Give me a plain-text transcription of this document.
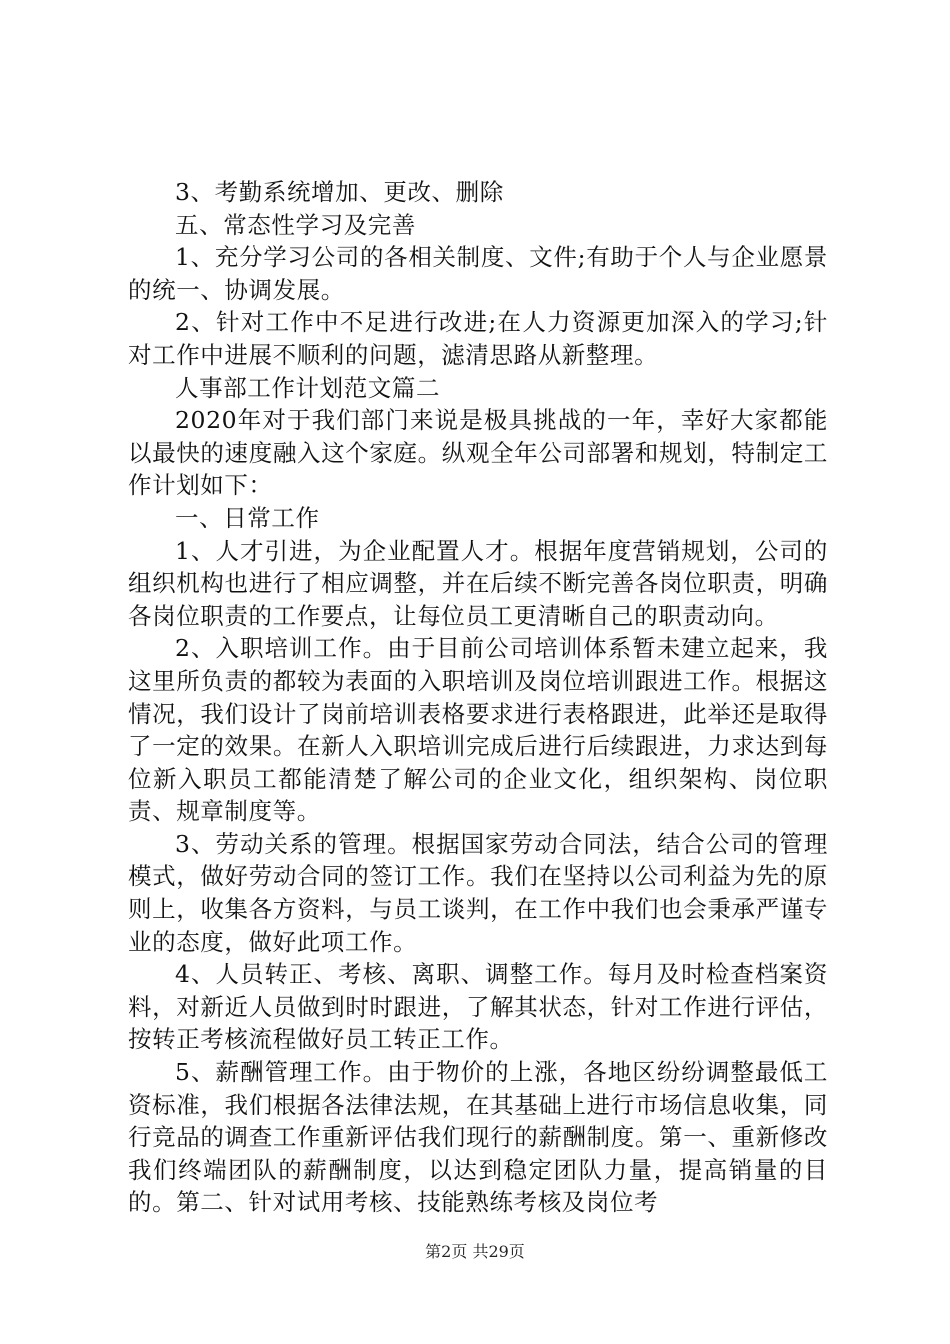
3、考勤系统增加、更改、删除

五、常态性学习及完善

1、充分学习公司的各相关制度、文件;有助于个人与企业愿景的统一、协调发展。

2、针对工作中不足进行改进;在人力资源更加深入的学习;针对工作中进展不顺利的问题，滤清思路从新整理。

人事部工作计划范文篇二

2020年对于我们部门来说是极具挑战的一年，幸好大家都能以最快的速度融入这个家庭。纵观全年公司部署和规划，特制定工作计划如下：

一、日常工作

1、人才引进，为企业配置人才。根据年度营销规划，公司的组织机构也进行了相应调整，并在后续不断完善各岗位职责，明确各岗位职责的工作要点，让每位员工更清晰自己的职责动向。

2、入职培训工作。由于目前公司培训体系暂未建立起来，我这里所负责的都较为表面的入职培训及岗位培训跟进工作。根据这情况，我们设计了岗前培训表格要求进行表格跟进，此举还是取得了一定的效果。在新人入职培训完成后进行后续跟进，力求达到每位新入职员工都能清楚了解公司的企业文化，组织架构、岗位职责、规章制度等。

3、劳动关系的管理。根据国家劳动合同法，结合公司的管理模式，做好劳动合同的签订工作。我们在坚持以公司利益为先的原则上，收集各方资料，与员工谈判，在工作中我们也会秉承严谨专业的态度，做好此项工作。

4、人员转正、考核、离职、调整工作。每月及时检查档案资料，对新近人员做到时时跟进，了解其状态，针对工作进行评估，按转正考核流程做好员工转正工作。

5、薪酬管理工作。由于物价的上涨，各地区纷纷调整最低工资标准，我们根据各法律法规，在其基础上进行市场信息收集，同行竞品的调查工作重新评估我们现行的薪酬制度。第一、重新修改我们终端团队的薪酬制度，以达到稳定团队力量，提高销量的目的。第二、针对试用考核、技能熟练考核及岗位考

第2页 共29页
